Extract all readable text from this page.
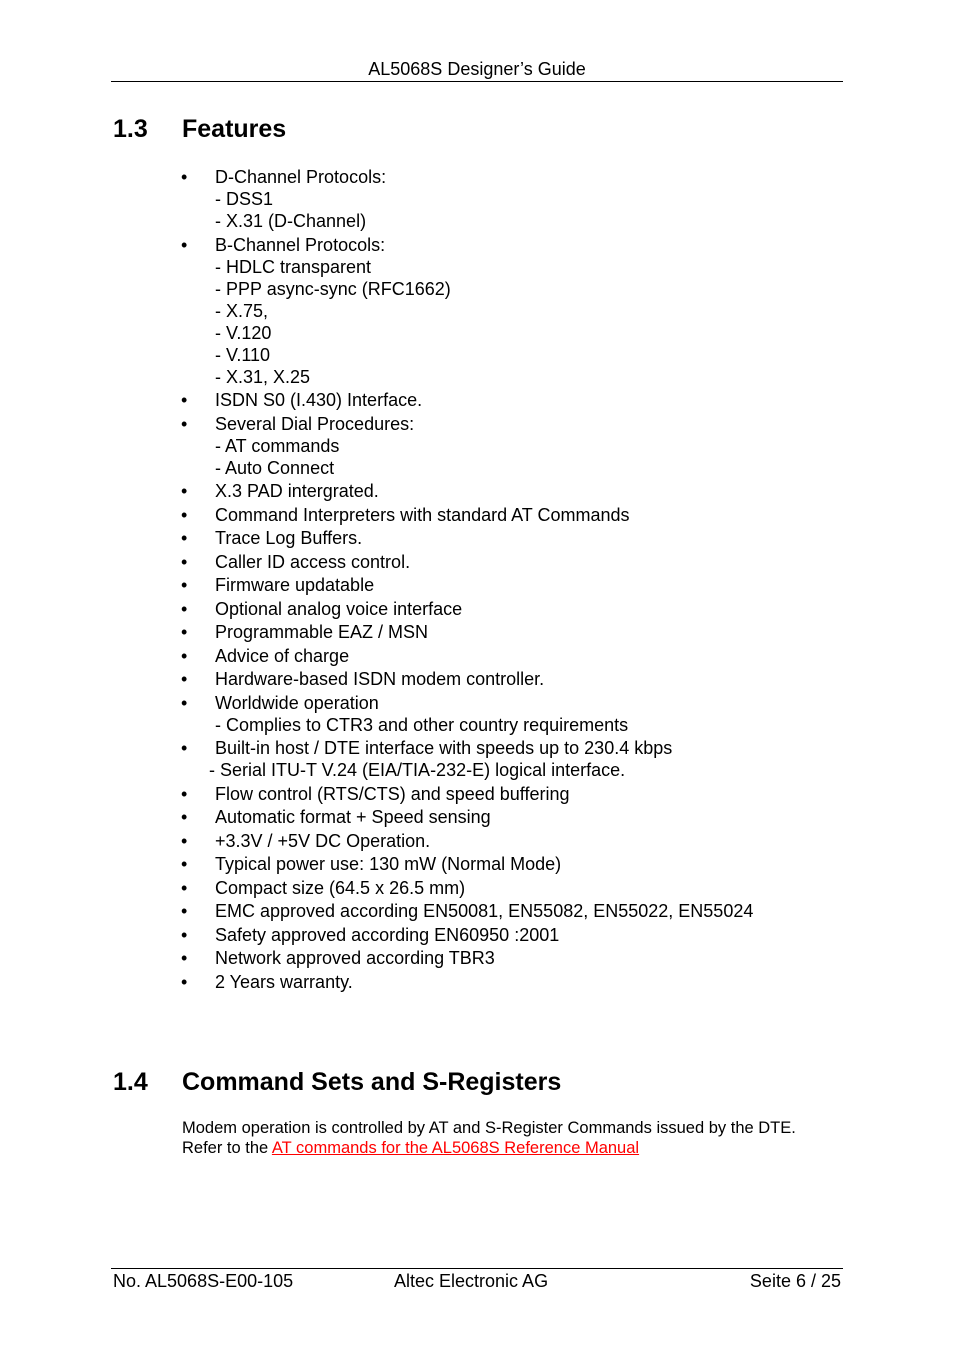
AL5068S Designer’s Guide
1.3 Features
• D-Channel Protocols:
- DSS1
- X.31 (D-Channel)
• B-Channel Protocols:
- HDLC transparent
- PPP async-sync (RFC1662)
- X.75,
- V.120
- V.110
- X.31, X.25
• ISDN S0 (I.430) Interface.
• Several Dial Procedures:
- AT commands
- Auto Connect
• X.3 PAD intergrated.
• Command Interpreters with standard AT Commands
• Trace Log Buffers.
• Caller ID access control.
• Firmware updatable
• Optional analog voice interface
• Programmable EAZ / MSN
• Advice of charge
• Hardware-based ISDN modem controller.
• Worldwide operation
- Complies to CTR3 and other country requirements
• Built-in host / DTE interface with speeds up to 230.4 kbps
- Serial ITU-T V.24 (EIA/TIA-232-E) logical interface.
• Flow control (RTS/CTS) and speed buffering
• Automatic format + Speed sensing
• +3.3V / +5V DC Operation.
• Typical power use: 130 mW (Normal Mode)
• Compact size (64.5 x 26.5 mm)
• EMC approved according EN50081, EN55082, EN55022, EN55024
• Safety approved according EN60950 :2001
• Network approved according TBR3
• 2 Years warranty.
1.4 Command Sets and S-Registers
Modem operation is controlled by AT and S-Register Commands issued by the DTE.
Refer to the AT commands for the AL5068S Reference Manual
No. AL5068S-E00-105	Altec Electronic AG	Seite 6 / 25
